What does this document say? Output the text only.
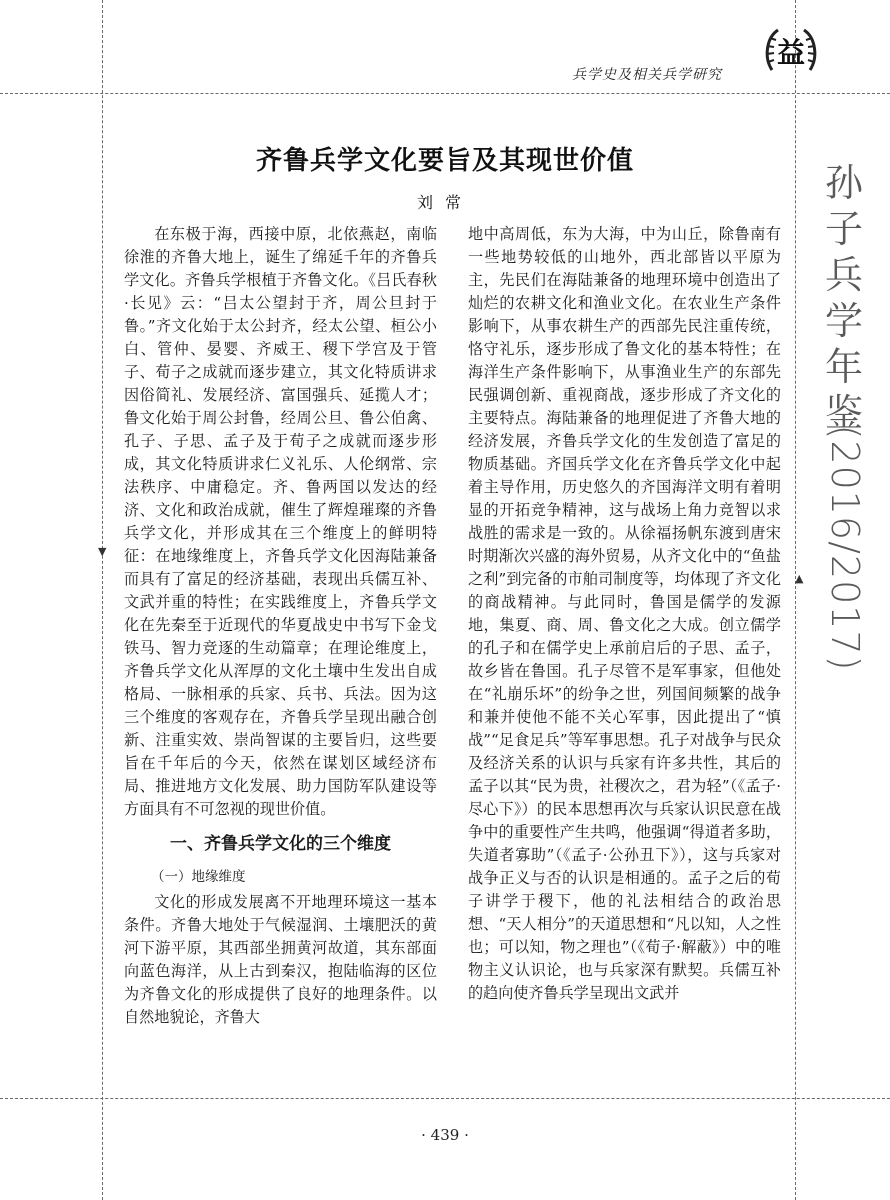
▼
▲
兵学史及相关兵学研究
益
齐鲁兵学文化要旨及其现世价值
刘常

在东极于海，西接中原，北依燕赵，南临徐淮的齐鲁大地上，诞生了绵延千年的齐鲁兵学文化。齐鲁兵学根植于齐鲁文化。《吕氏春秋·长见》云：“吕太公望封于齐，周公旦封于鲁。”齐文化始于太公封齐，经太公望、桓公小白、管仲、晏婴、齐威王、稷下学宫及于管子、荀子之成就而逐步建立，其文化特质讲求因俗简礼、发展经济、富国强兵、延揽人才；鲁文化始于周公封鲁，经周公旦、鲁公伯禽、孔子、子思、孟子及于荀子之成就而逐步形成，其文化特质讲求仁义礼乐、人伦纲常、宗法秩序、中庸稳定。齐、鲁两国以发达的经济、文化和政治成就，催生了辉煌璀璨的齐鲁兵学文化，并形成其在三个维度上的鲜明特征：在地缘维度上，齐鲁兵学文化因海陆兼备而具有了富足的经济基础，表现出兵儒互补、文武并重的特性；在实践维度上，齐鲁兵学文化在先秦至于近现代的华夏战史中书写下金戈铁马、智力竞逐的生动篇章；在理论维度上，齐鲁兵学文化从浑厚的文化土壤中生发出自成格局、一脉相承的兵家、兵书、兵法。因为这三个维度的客观存在，齐鲁兵学呈现出融合创新、注重实效、崇尚智谋的主要旨归，这些要旨在千年后的今天，依然在谋划区域经济布局、推进地方文化发展、助力国防军队建设等方面具有不可忽视的现世价值。

一、齐鲁兵学文化的三个维度
（一）地缘维度

文化的形成发展离不开地理环境这一基本条件。齐鲁大地处于气候湿润、土壤肥沃的黄河下游平原，其西部坐拥黄河故道，其东部面向蓝色海洋，从上古到秦汉，抱陆临海的区位为齐鲁文化的形成提供了良好的地理条件。以自然地貌论，齐鲁大

地中高周低，东为大海，中为山丘，除鲁南有一些地势较低的山地外，西北部皆以平原为主，先民们在海陆兼备的地理环境中创造出了灿烂的农耕文化和渔业文化。在农业生产条件影响下，从事农耕生产的西部先民注重传统，恪守礼乐，逐步形成了鲁文化的基本特性；在海洋生产条件影响下，从事渔业生产的东部先民强调创新、重视商战，逐步形成了齐文化的主要特点。海陆兼备的地理促进了齐鲁大地的经济发展，齐鲁兵学文化的生发创造了富足的物质基础。齐国兵学文化在齐鲁兵学文化中起着主导作用，历史悠久的齐国海洋文明有着明显的开拓竞争精神，这与战场上角力竞智以求战胜的需求是一致的。从徐福扬帆东渡到唐宋时期渐次兴盛的海外贸易，从齐文化中的“鱼盐之利”到完备的市舶司制度等，均体现了齐文化的商战精神。与此同时，鲁国是儒学的发源地，集夏、商、周、鲁文化之大成。创立儒学的孔子和在儒学史上承前启后的子思、孟子，故乡皆在鲁国。孔子尽管不是军事家，但他处在“礼崩乐坏”的纷争之世，列国间频繁的战争和兼并使他不能不关心军事，因此提出了“慎战”“足食足兵”等军事思想。孔子对战争与民众及经济关系的认识与兵家有许多共性，其后的孟子以其“民为贵，社稷次之，君为轻”（《孟子·尽心下》）的民本思想再次与兵家认识民意在战争中的重要性产生共鸣，他强调“得道者多助，失道者寡助”（《孟子·公孙丑下》），这与兵家对战争正义与否的认识是相通的。孟子之后的荀子讲学于稷下，他的礼法相结合的政治思想、“天人相分”的天道思想和“凡以知，人之性也；可以知，物之理也”（《荀子·解蔽》）中的唯物主义认识论，也与兵家深有默契。兵儒互补的趋向使齐鲁兵学呈现出文武并

孙
子
兵
学
年
鉴
(2016/2017)
· 439 ·
